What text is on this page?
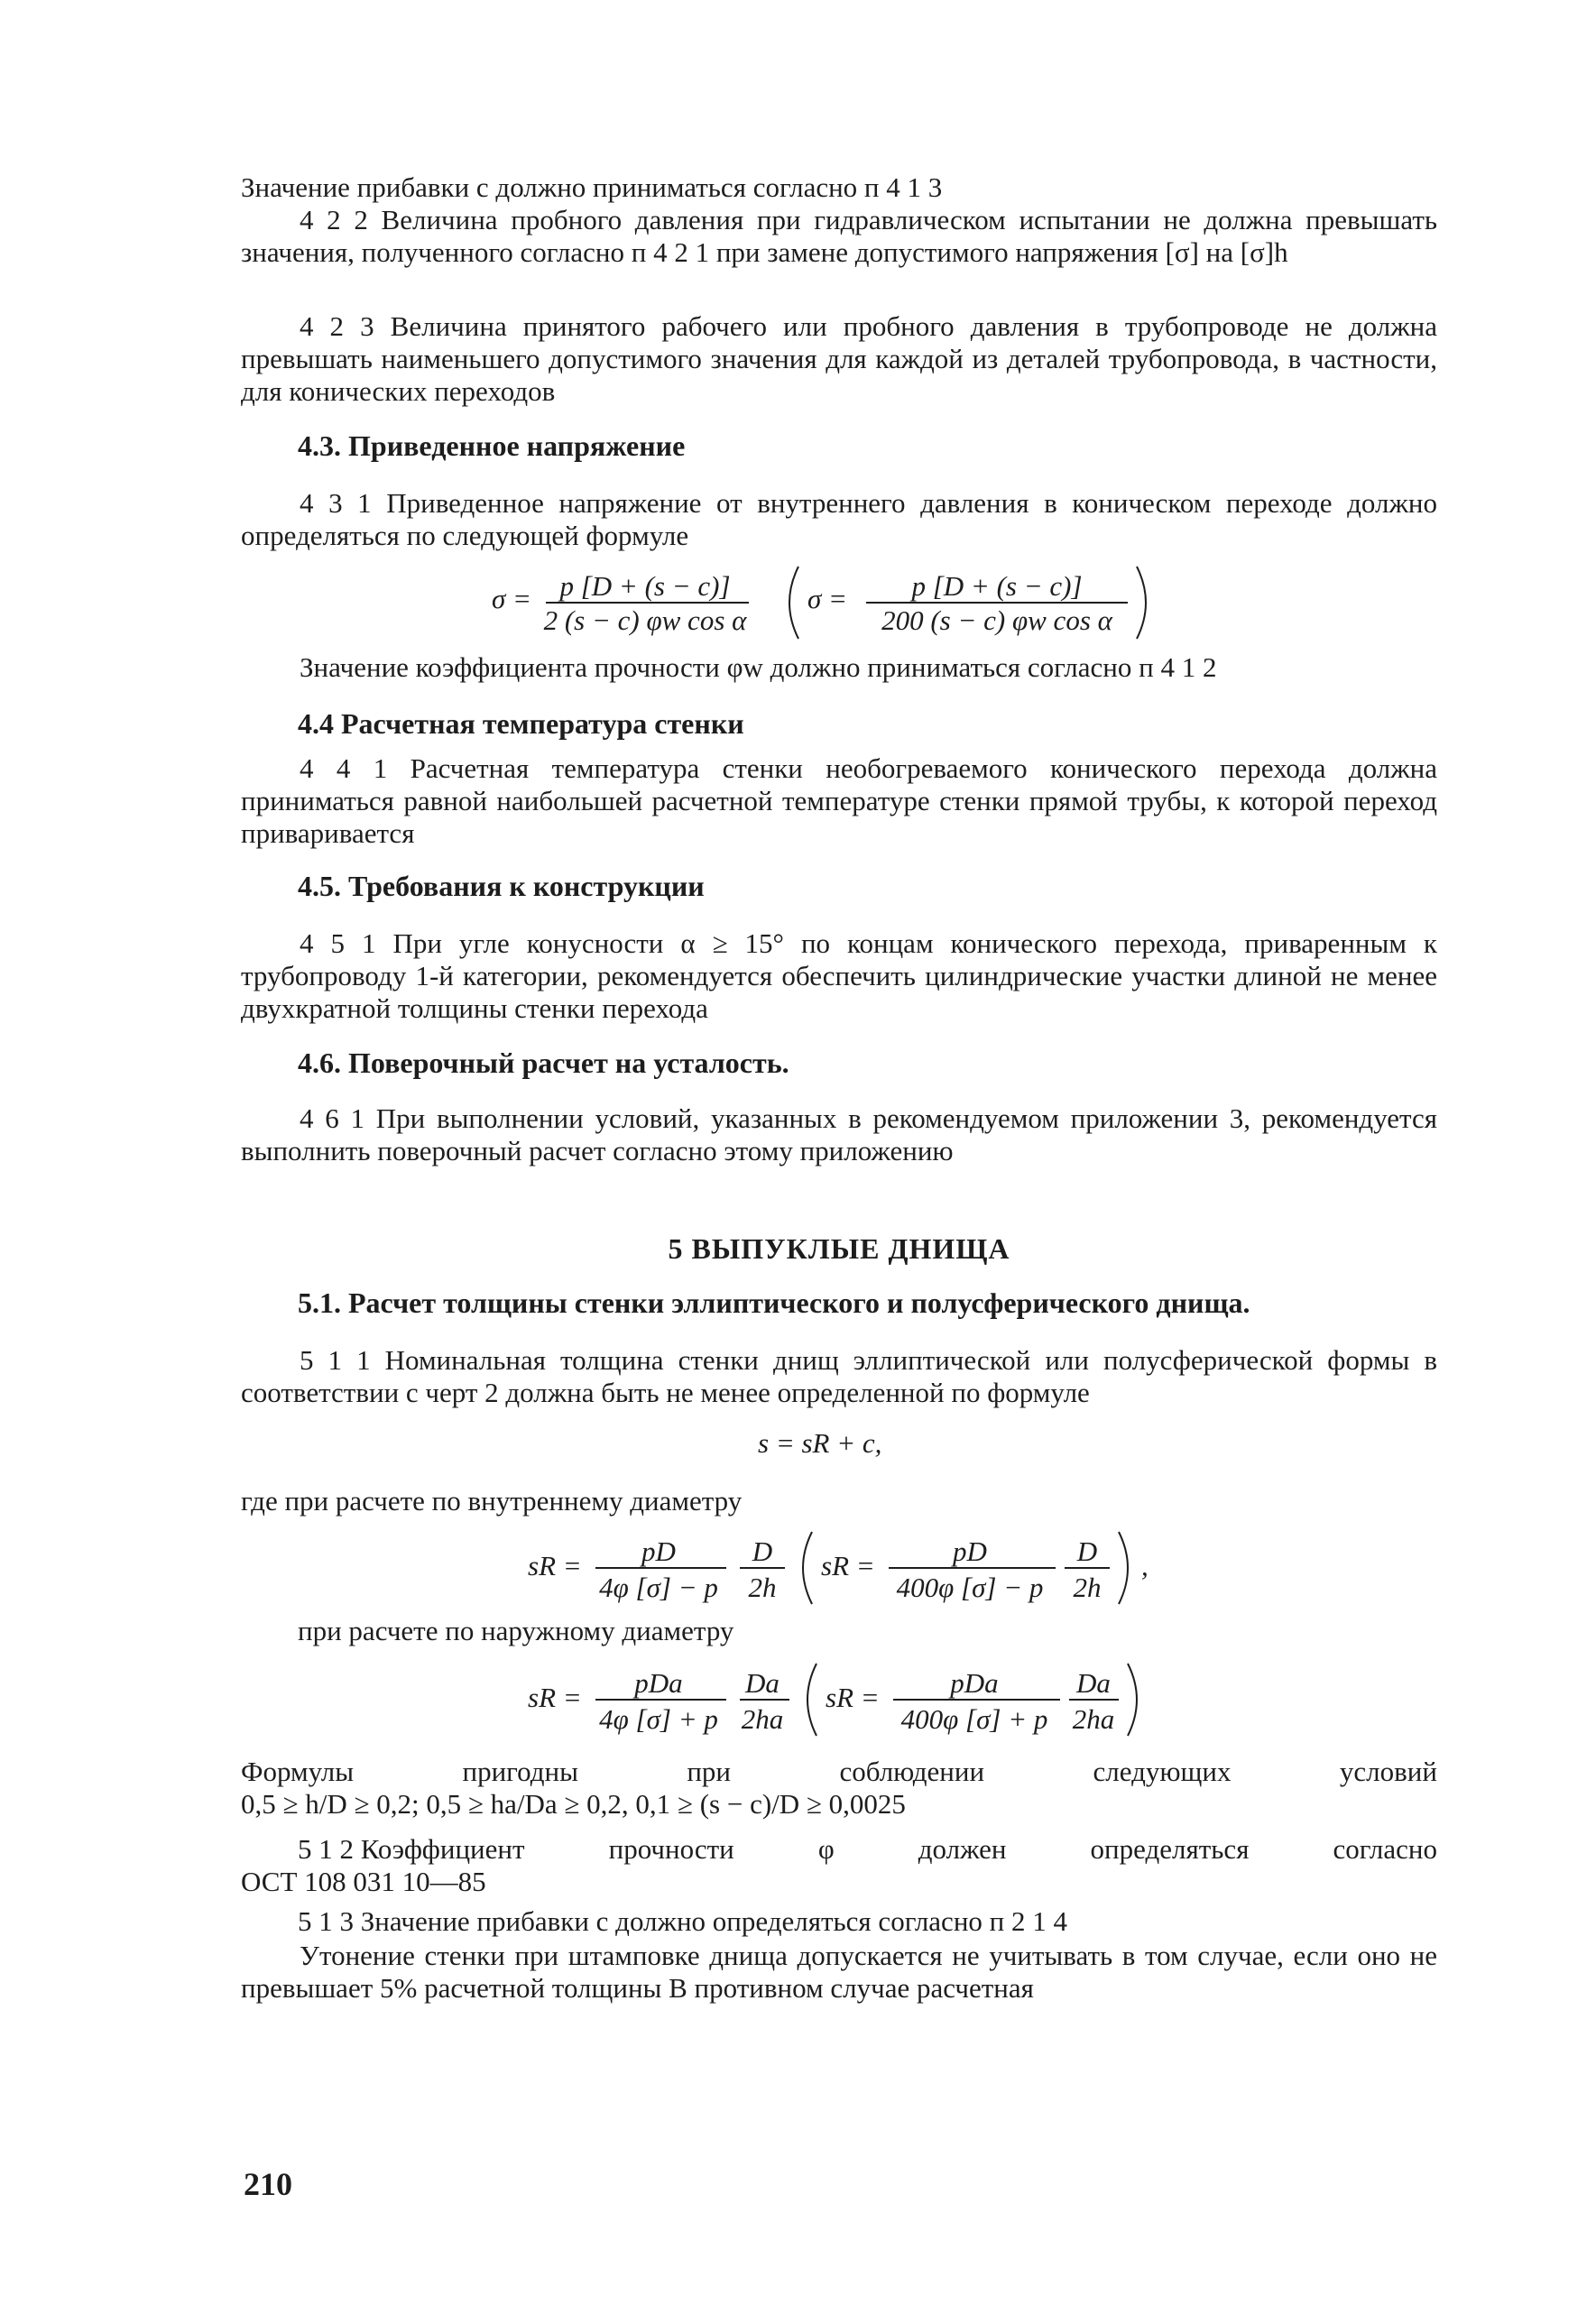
Значение прибавки с должно приниматься согласно п 4 1 3
4 2 2 Величина пробного давления при гидравлическом испытании не должна превышать значения, полученного согласно п 4 2 1 при замене допустимого напряжения [σ] на [σ]h
4 2 3 Величина принятого рабочего или пробного давления в трубопроводе не должна превышать наименьшего допустимого значения для каждой из деталей трубопровода, в частности, для конических переходов
4.3. Приведенное напряжение
4 3 1 Приведенное напряжение от внутреннего давления в коническом переходе должно определяться по следующей формуле
σ = p [D + (s − c)]
2 (s − c) φw cos α
σ = p [D + (s − c)]
200 (s − c) φw cos α
Значение коэффициента прочности φw должно приниматься согласно п 4 1 2
4.4 Расчетная температура стенки
4 4 1 Расчетная температура стенки необогреваемого конического перехода должна приниматься равной наибольшей расчетной температуре стенки прямой трубы, к которой переход приваривается
4.5. Требования к конструкции
4 5 1 При угле конусности α ≥ 15° по концам конического перехода, приваренным к трубопроводу 1-й категории, рекомендуется обеспечить цилиндрические участки длиной не менее двухкратной толщины стенки перехода
4.6. Поверочный расчет на усталость.
4 6 1 При выполнении условий, указанных в рекомендуемом приложении 3, рекомендуется выполнить поверочный расчет согласно этому приложению
5 ВЫПУКЛЫЕ ДНИЩА
5.1. Расчет толщины стенки эллиптического и полусферического днища.
5 1 1 Номинальная толщина стенки днищ эллиптической или полусферической формы в соответствии с черт 2 должна быть не менее определенной по формуле
s = sR + c,
где при расчете по внутреннему диаметру
sR = pD
4φ [σ] − p
D
2h
sR =	pD
400φ [σ] − p
D
2h
,
при расчете по наружному диаметру
sR = pDa
4φ [σ] + p
Da
2ha
sR =	pDa
400φ [σ] + p
Da
2ha
Формулы	пригодны	при	соблюдении	следующих	условий
0,5 ≥ h/D ≥ 0,2; 0,5 ≥ ha/Da ≥ 0,2, 0,1 ≥ (s − c)/D ≥ 0,0025
5 1 2 Коэффициент	прочности	φ	должен	определяться	согласно
ОСТ 108 031 10—85
5 1 3 Значение прибавки с должно определяться согласно п 2 1 4
Утонение стенки при штамповке днища допускается не учитывать в том случае, если оно не превышает 5% расчетной толщины В противном случае расчетная
210
